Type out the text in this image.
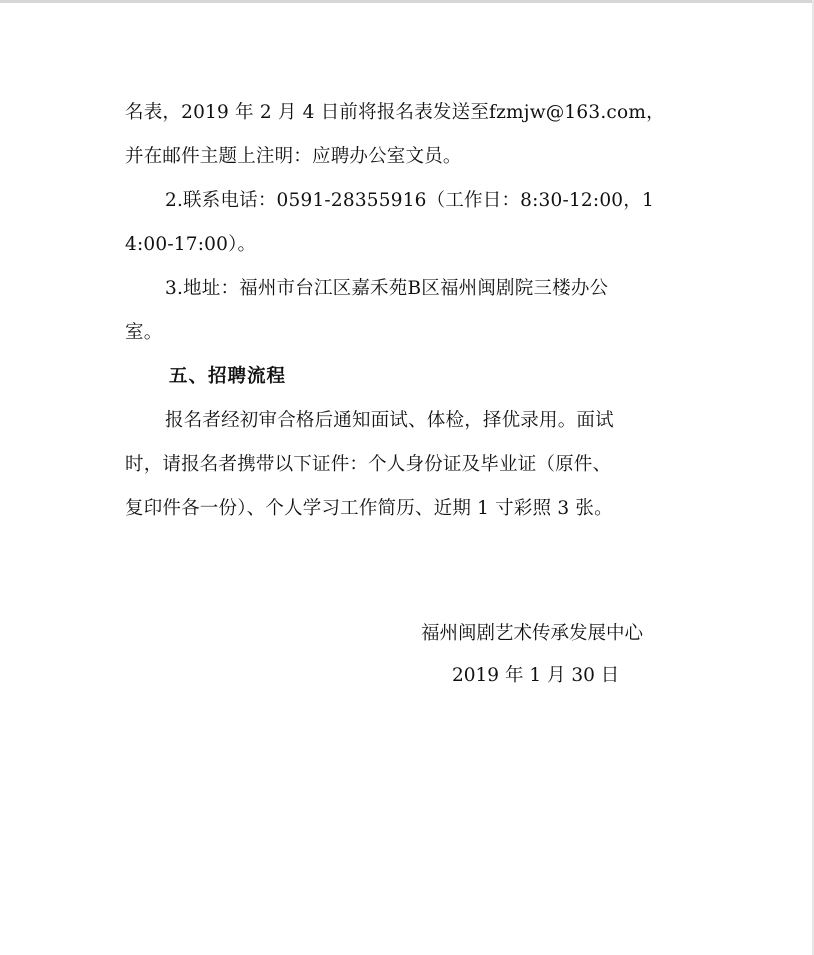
名表，2019 年 2 月 4 日前将报名表发送至fzmjw@163.com，
并在邮件主题上注明：应聘办公室文员。
2.联系电话：0591-28355916（工作日：8:30-12:00，1
4:00-17:00）。
3.地址：福州市台江区嘉禾苑B区福州闽剧院三楼办公
室。
五、招聘流程
报名者经初审合格后通知面试、体检，择优录用。面试
时，请报名者携带以下证件：个人身份证及毕业证（原件、
复印件各一份）、个人学习工作简历、近期 1 寸彩照 3 张。
福州闽剧艺术传承发展中心
2019 年 1 月 30 日
